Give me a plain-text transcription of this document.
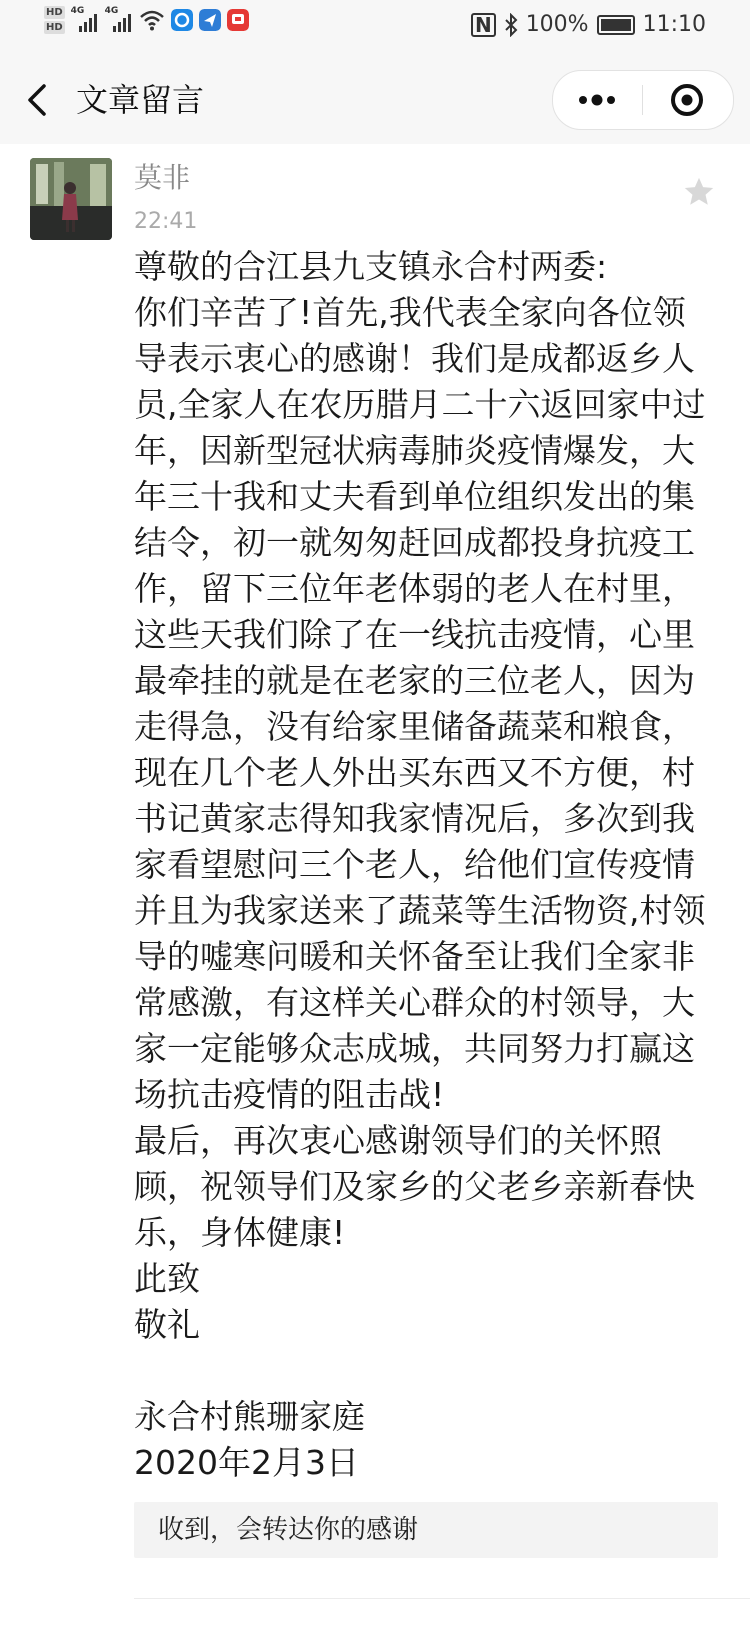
HD
HD
4G 4G
N 100% 11:10
文章留言
莫非
22:41

尊敬的合江县九支镇永合村两委:
你们辛苦了!首先,我代表全家向各位领导表示衷心的感谢！我们是成都返乡人员,全家人在农历腊月二十六返回家中过年，因新型冠状病毒肺炎疫情爆发，大年三十我和丈夫看到单位组织发出的集结令，初一就匆匆赶回成都投身抗疫工作，留下三位年老体弱的老人在村里，这些天我们除了在一线抗击疫情，心里最牵挂的就是在老家的三位老人，因为走得急，没有给家里储备蔬菜和粮食，现在几个老人外出买东西又不方便，村书记黄家志得知我家情况后，多次到我家看望慰问三个老人，给他们宣传疫情并且为我家送来了蔬菜等生活物资,村领导的嘘寒问暖和关怀备至让我们全家非常感激，有这样关心群众的村领导，大家一定能够众志成城，共同努力打赢这场抗击疫情的阻击战!
最后，再次衷心感谢领导们的关怀照顾，祝领导们及家乡的父老乡亲新春快乐，身体健康!
此致
敬礼

永合村熊珊家庭
2020年2月3日

收到，会转达你的感谢
